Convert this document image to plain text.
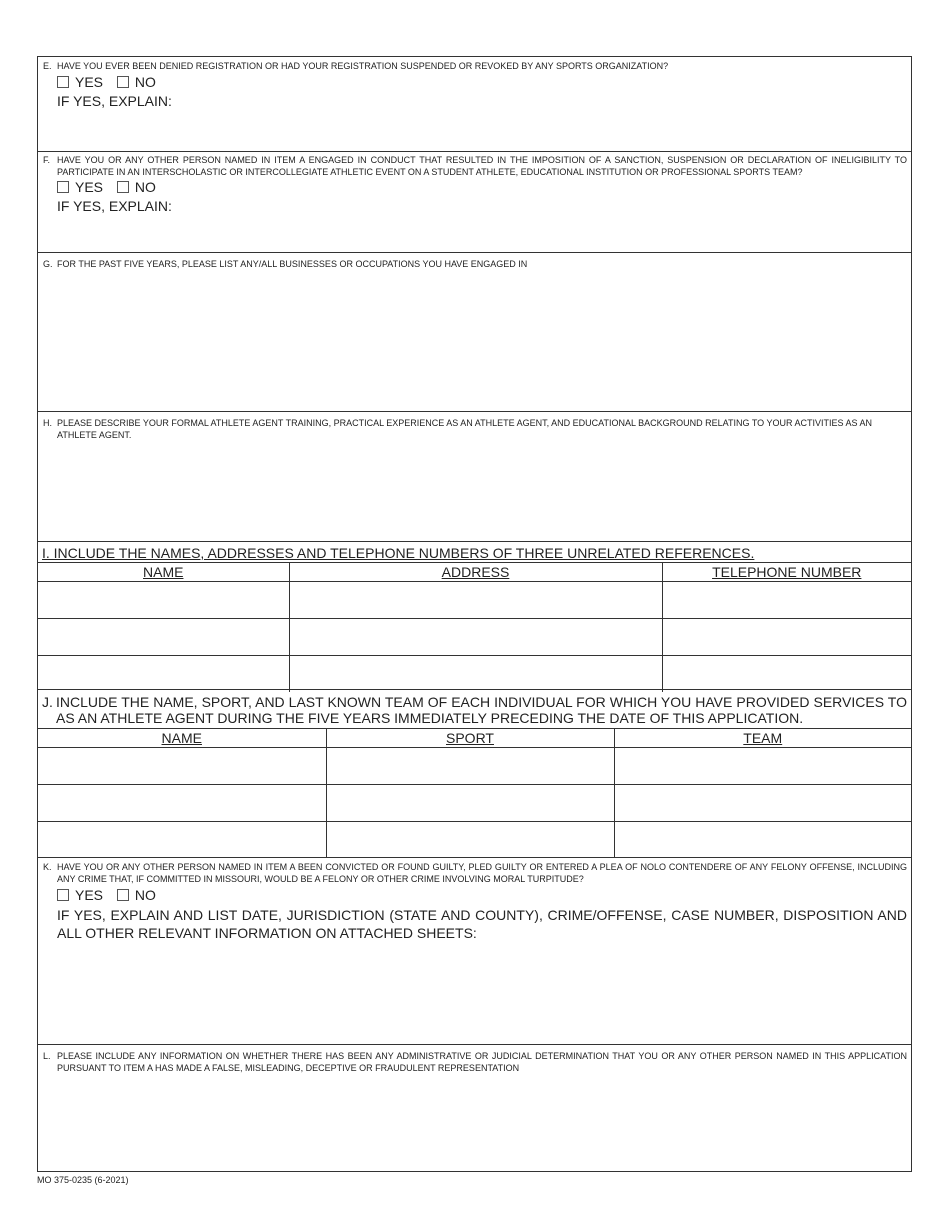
E. HAVE YOU EVER BEEN DENIED REGISTRATION OR HAD YOUR REGISTRATION SUSPENDED OR REVOKED BY ANY SPORTS ORGANIZATION?
YES NO
IF YES, EXPLAIN:
F. HAVE YOU OR ANY OTHER PERSON NAMED IN ITEM A ENGAGED IN CONDUCT THAT RESULTED IN THE IMPOSITION OF A SANCTION, SUSPENSION OR DECLARATION OF INELIGIBILITY TO PARTICIPATE IN AN INTERSCHOLASTIC OR INTERCOLLEGIATE ATHLETIC EVENT ON A STUDENT ATHLETE, EDUCATIONAL INSTITUTION OR PROFESSIONAL SPORTS TEAM?
YES NO
IF YES, EXPLAIN:
G. FOR THE PAST FIVE YEARS, PLEASE LIST ANY/ALL BUSINESSES OR OCCUPATIONS YOU HAVE ENGAGED IN
H. PLEASE DESCRIBE YOUR FORMAL ATHLETE AGENT TRAINING, PRACTICAL EXPERIENCE AS AN ATHLETE AGENT, AND EDUCATIONAL BACKGROUND RELATING TO YOUR ACTIVITIES AS AN ATHLETE AGENT.
I. INCLUDE THE NAMES, ADDRESSES AND TELEPHONE NUMBERS OF THREE UNRELATED REFERENCES.
NAME	ADDRESS	TELEPHONE NUMBER

J. INCLUDE THE NAME, SPORT, AND LAST KNOWN TEAM OF EACH INDIVIDUAL FOR WHICH YOU HAVE PROVIDED SERVICES TO AS AN ATHLETE AGENT DURING THE FIVE YEARS IMMEDIATELY PRECEDING THE DATE OF THIS APPLICATION.
NAME	SPORT	TEAM

K. HAVE YOU OR ANY OTHER PERSON NAMED IN ITEM A BEEN CONVICTED OR FOUND GUILTY, PLED GUILTY OR ENTERED A PLEA OF NOLO CONTENDERE OF ANY FELONY OFFENSE, INCLUDING ANY CRIME THAT, IF COMMITTED IN MISSOURI, WOULD BE A FELONY OR OTHER CRIME INVOLVING MORAL TURPITUDE?
YES NO
IF YES, EXPLAIN AND LIST DATE, JURISDICTION (STATE AND COUNTY), CRIME/OFFENSE, CASE NUMBER, DISPOSITION AND ALL OTHER RELEVANT INFORMATION ON ATTACHED SHEETS:
L. PLEASE INCLUDE ANY INFORMATION ON WHETHER THERE HAS BEEN ANY ADMINISTRATIVE OR JUDICIAL DETERMINATION THAT YOU OR ANY OTHER PERSON NAMED IN THIS APPLICATION PURSUANT TO ITEM A HAS MADE A FALSE, MISLEADING, DECEPTIVE OR FRAUDULENT REPRESENTATION
MO 375-0235 (6-2021)
